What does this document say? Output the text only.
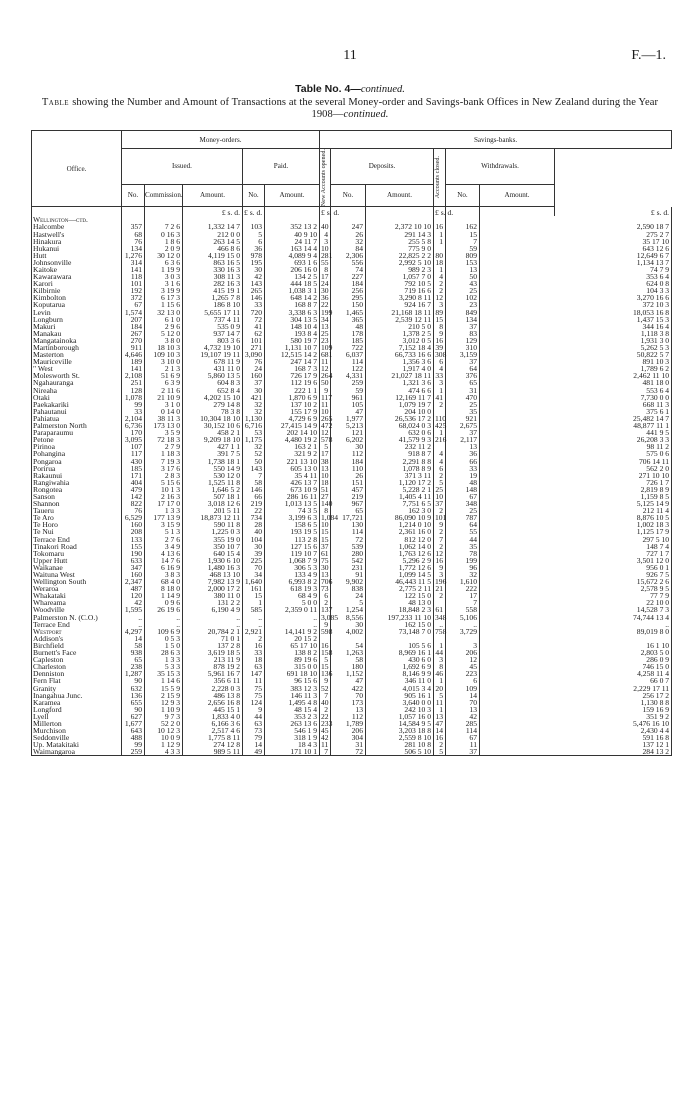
11	F.—1.
Table No. 4—continued.
Table showing the Number and Amount of Transactions at the several Money-order and Savings-bank Offices in New Zealand during the Year 1908—continued.
Office.	Money-orders.					Savings-banks.						
	Issued.			Paid.		New Accounts opened.	Deposits.		Accounts closed.	Withdrawals.		
	No.	Commission.	Amount.	No.	Amount.		No.	Amount.		No.	Amount.	
			£ s. d.	£ s. d.		£ s. d.			£ s. d.			£ s. d.
Wellington—ctd.												
Halcombe	357	7 2 6	1,332 14 7	103	352 13 2	40	247	2,372 10 10	16	162	2,590 18 7	
Hastwell's	68	0 16 3	212 0 0	5	40 9 10	4	26	291 14 3	1	15	275 2 7	
Hinakura	76	1 8 6	263 14 5	6	24 11 7	3	32	255 5 8	1	7	35 17 10	
Hukanui	134	2 0 9	466 8 6	36	163 14 4	10	84	775 9 0		59	643 12 6	
Hutt	1,276	30 12 0	4,119 15 0	978	4,089 9 4	281	2,306	22,825 2 2	80	809	12,649 6 7	
Johnsonville	314	6 3 6	863 16 5	195	693 1 6	55	556	2,992 5 10	18	153	1,134 13 7	
Kaitoke	141	1 19 9	330 16 3	30	206 16 0	8	74	989 2 3	1	13	74 7 9	
Kawarawara	118	3 0 3	308 11 3	42	134 2 5	17	227	1,057 7 0	4	50	353 6 4	
Karori	101	3 1 6	282 16 3	143	444 18 5	24	184	792 10 5	2	43	624 0 8	
Kilbirnie	192	3 19 9	415 19 1	265	1,038 3 1	30	256	719 16 6	2	25	104 3 3	
Kimbolton	372	6 17 3	1,265 7 8	146	648 14 2	36	295	3,290 8 11	12	102	3,270 16 6	
Koputaruа	67	1 15 6	186 8 10	33	168 8 7	22	150	924 16 7	3	23	372 10 3	
Levin	1,574	32 13 0	5,655 17 11	720	3,338 6 3	199	1,465	21,168 18 11	89	849	18,053 16 8	
Longburn	207	6 1 0	737 4 11	72	304 13 5	34	365	2,539 12 11	15	134	1,437 15 3	
Makuri	184	2 9 6	535 0 9	41	148 10 4	13	48	210 5 0	8	37	344 16 4	
Manakau	267	5 12 0	937 14 7	62	193 8 4	25	178	1,378 2 5	9	83	1,118 3 8	
Mangatainoka	270	3 8 0	803 3 6	101	580 19 7	23	185	3,012 0 5	16	129	1,931 3 0	
Martinborough	911	18 10 3	4,732 19 10	271	1,131 10 7	109	722	7,152 18 4	39	310	5,262 5 3	
Masterton	4,646	109 10 3	19,107 19 11	3,090	12,515 14 2	681	6,037	66,733 16 6	308	3,159	50,822 5 7	
Mauriceville	189	3 10 0	678 11 9	76	247 14 7	11	114	1,356 3 6	6	37	891 10 3	
" West	141	2 1 3	431 11 0	24	168 7 3	12	122	1,917 4 0	4	64	1,789 6 2	
Molesworth St.	2,108	51 6 9	5,860 13 5	160	726 17 9	264	4,331	21,027 18 11	33	376	2,462 11 10	
Ngahauranga	251	6 3 9	604 8 3	37	112 19 6	50	259	1,321 3 6	3	65	481 18 0	
Nireaha	128	2 11 6	652 8 4	30	222 1 1	9	59	474 6 6	1	31	553 6 4	
Otaki	1,078	21 10 9	4,202 15 10	421	1,870 6 9	117	961	12,169 11 7	41	470	7,730 0 0	
Paekakariki	99	3 1 0	279 14 8	32	137 10 2	11	105	1,079 19 7	2	25	668 11 3	
Pahautanui	33	0 14 0	78 3 8	32	155 17 9	10	47	204 10 0		35	375 6 1	
Pahiatua	2,104	38 11 3	10,304 18 10	1,130	4,729 6 9	265	1,977	26,536 17 2	110	921	25,482 14 7	
Palmerston North	6,736	173 13 0	30,152 10 6	6,716	27,415 14 9	472	5,213	68,024 0 3	425	2,675	48,877 11 1	
Paraparaumu	170	3 5 9	458 2 1	53	202 14 10	12	121	632 0 6	1	37	441 9 5	
Petone	3,095	72 18 3	9,209 18 10	1,175	4,480 19 2	578	6,202	41,579 9 3	216	2,117	26,208 3 3	
Pirinoa	107	2 7 9	427 1 1	32	163 2 1	5	30	232 11 2		13	98 11 2	
Pohangina	117	1 18 3	391 7 5	52	321 9 2	17	112	918 8 7	4	36	575 0 6	
Pongaroa	430	7 19 3	1,738 18 1	50	221 13 10	38	184	2,291 8 8	4	66	706 14 11	
Porirua	185	3 17 6	550 14 9	143	605 13 0	13	110	1,078 8 9	6	33	562 2 0	
Rakaunui	171	2 8 3	530 12 0	7	35 4 11	10	26	371 3 11	2	19	271 10 10	
Rangiwahia	404	5 15 6	1,525 11 8	58	426 13 7	18	151	1,120 17 2	5	48	726 1 7	
Rongotea	479	10 1 3	1,646 5 2	146	673 10 9	51	457	5,228 2 1	25	148	2,819 8 9	
Sanson	142	2 16 3	507 18 1	66	286 16 11	27	219	1,405 4 11	10	67	1,159 8 5	
Shannon	822	17 17 0	3,018 12 6	219	1,013 13 5	140	967	7,751 6 5	37	348	5,125 14 9	
Taueru	76	1 3 3	201 5 11	22	74 3 5	8	65	162 3 0	2	25	212 11 4	
Te Aro	6,529	177 13 9	18,873 12 11	734	3,199 6 3	1,084	17,721	86,090 10 9	101	787	8,876 10 5	
Te Horo	160	3 15 9	590 11 8	28	158 6 5	10	130	1,214 0 10	9	64	1,002 18 3	
Te Nui	208	5 1 3	1,225 0 3	40	193 19 5	15	114	2,361 16 0	2	55	1,125 17 9	
Terrace End	133	2 7 6	355 19 0	104	113 2 8	15	72	812 12 0	7	44	297 5 10	
Tinakori Road	155	3 4 9	350 10 7	30	127 15 6	37	539	1,062 14 0	2	35	148 7 4	
Tokomaru	190	4 13 6	640 15 4	39	119 10 7	61	280	1,763 12 6	12	78	727 1 7	
Upper Hutt	633	14 7 6	1,930 6 10	225	1,068 7 9	75	542	5,296 2 9	16	199	3,501 12 0	
Waikanae	347	6 16 9	1,480 16 3	70	306 5 3	30	231	1,772 12 6	9	96	956 0 1	
Waituna West	160	3 8 3	468 13 10	34	133 4 9	13	91	1,099 14 5	3	32	926 7 5	
Wellington South	2,347	68 4 0	7,982 13 9	1,640	6,993 8 2	706	9,902	46,443 11 5	196	1,610	15,672 2 6	
Weraroa	487	8 18 0	2,000 17 2	161	618 19 3	73	838	2,775 2 11	21	222	2,578 9 5	
Whakataki	120	1 14 9	380 11 0	15	68 4 9	6	24	122 15 0	2	17	77 7 9	
Whareama	42	0 9 6	131 2 2	1	5 0 0	2	5	48 13 0		7	22 10 0	
Woodville	1,595	26 19 6	6,190 4 9	585	2,359 0 11	137	1,254	18,848 2 3	61	558	14,528 7 3	
Palmerston N. (C.O.)	..	..	..	..	..	3,085	8,556	197,233 11 10	348	5,106	74,744 13 4	
Terrace End	..	..	..	..	..	9	30	162 15 0	..	..	..	
Westport	4,297	109 6 9	20,784 2 1	2,921	14,141 9 2	598	4,002	73,148 7 0	758	3,729	89,019 8 0	
Addison's	14	0 5 3	71 0 1	2	20 15 2							
Birchfield	58	1 5 0	137 2 8	16	65 17 10	16	54	105 5 6	1	3	16 1 10	
Burnett's Face	938	28 6 3	3,619 18 5	33	138 8 2	158	1,263	8,969 16 1	44	206	2,803 5 0	
Capleston	65	1 3 3	213 11 9	18	89 19 6	5	58	430 6 0	3	12	286 0 9	
Charleston	238	5 3 3	878 19 2	63	315 0 0	15	180	1,692 6 9	8	45	746 15 0	
Denniston	1,287	35 15 3	5,961 16 7	147	691 18 10	136	1,152	8,146 9 9	46	223	4,258 11 4	
Fern Flat	90	1 14 6	356 6 11	11	96 15 6	9	47	346 11 0	1	6	66 0 7	
Granity	632	15 5 9	2,228 0 3	75	383 12 3	52	422	4,015 3 4	20	109	2,229 17 11	
Inangahua Junc.	136	2 15 9	486 13 8	75	146 11 3	7	70	905 16 1	5	14	256 17 2	
Karamea	655	12 9 3	2,656 16 8	124	1,495 4 8	40	173	3,640 0 0	11	70	1,130 8 8	
Longford	90	1 10 9	445 15 1	9	48 15 4	2	13	242 10 3	1	13	159 16 9	
Lyell	627	9 7 3	1,833 4 0	44	353 2 3	22	112	1,057 16 0	13	42	351 9 2	
Millerton	1,677	52 2 0	6,166 3 6	63	263 13 6	233	1,789	14,584 9 5	47	285	5,476 16 10	
Murchison	643	10 12 3	2,517 4 6	73	546 1 9	45	206	3,203 18 8	14	114	2,430 4 4	
Seddonville	488	10 0 9	1,775 8 11	79	318 1 9	42	304	2,559 8 10	16	67	591 16 8	
Up. Matakitaki	99	1 12 9	274 12 8	14	18 4 3	11	31	281 10 8	2	11	137 12 1	
Waimangaroa	259	4 3 3	989 5 11	49	171 10 1	7	72	506 5 10	5	37	284 13 2	
